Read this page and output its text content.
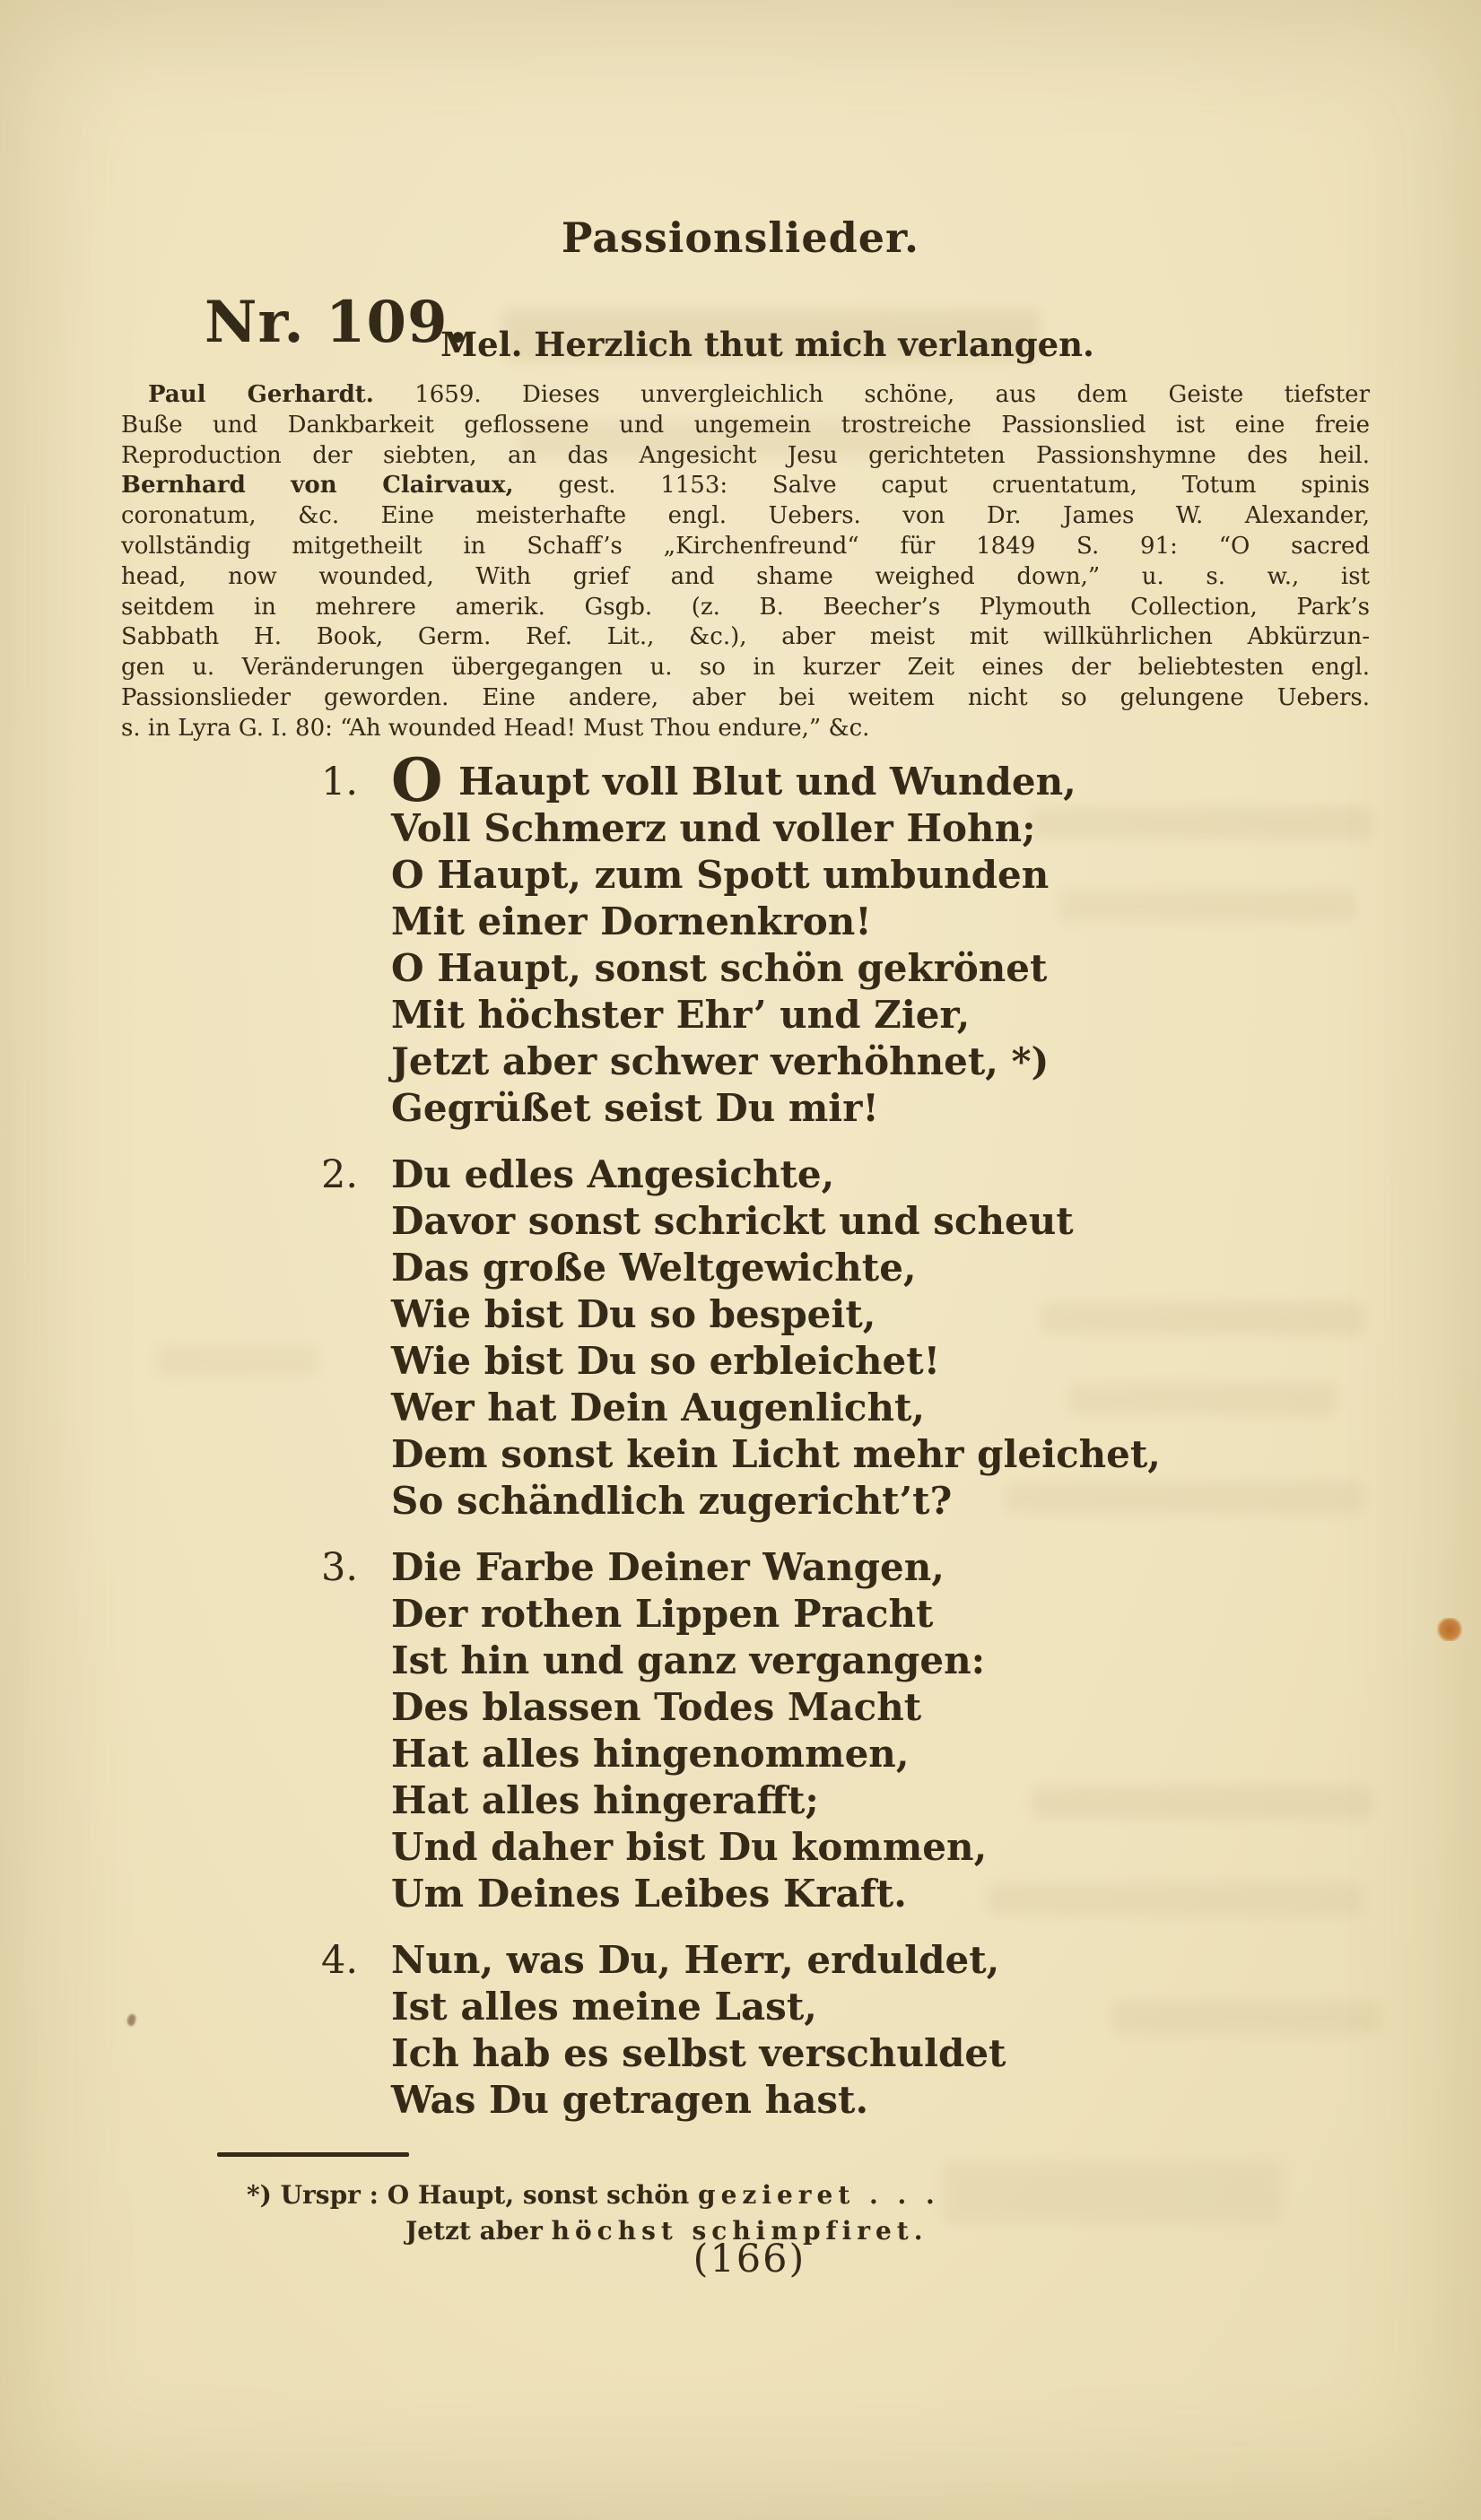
Passionslieder.
Nr. 109.
Mel. Herzlich thut mich verlangen.
Paul Gerhardt. 1659. Dieses unvergleichlich schöne, aus dem Geiste tiefster
Buße und Dankbarkeit geflossene und ungemein trostreiche Passionslied ist eine freie
Reproduction der siebten, an das Angesicht Jesu gerichteten Passionshymne des heil.
Bernhard von Clairvaux, gest. 1153: Salve caput cruentatum, Totum spinis
coronatum, &c. Eine meisterhafte engl. Uebers. von Dr. James W. Alexander,
vollständig mitgetheilt in Schaff’s „Kirchenfreund“ für 1849 S. 91: “O sacred
head, now wounded, With grief and shame weighed down,” u. s. w., ist
seitdem in mehrere amerik. Gsgb. (z. B. Beecher’s Plymouth Collection, Park’s
Sabbath H. Book, Germ. Ref. Lit., &c.), aber meist mit willkührlichen Abkürzun-
gen u. Veränderungen übergegangen u. so in kurzer Zeit eines der beliebtesten engl.
Passionslieder geworden. Eine andere, aber bei weitem nicht so gelungene Uebers.
s. in Lyra G. I. 80: “Ah wounded Head! Must Thou endure,” &c.
1. O Haupt voll Blut und Wunden,
Voll Schmerz und voller Hohn;
O Haupt, zum Spott umbunden
Mit einer Dornenkron!
O Haupt, sonst schön gekrönet
Mit höchster Ehr’ und Zier,
Jetzt aber schwer verhöhnet, *)
Gegrüßet seist Du mir!
2. Du edles Angesichte,
Davor sonst schrickt und scheut
Das große Weltgewichte,
Wie bist Du so bespeit,
Wie bist Du so erbleichet!
Wer hat Dein Augenlicht,
Dem sonst kein Licht mehr gleichet,
So schändlich zugericht’t?
3. Die Farbe Deiner Wangen,
Der rothen Lippen Pracht
Ist hin und ganz vergangen:
Des blassen Todes Macht
Hat alles hingenommen,
Hat alles hingerafft;
Und daher bist Du kommen,
Um Deines Leibes Kraft.
4. Nun, was Du, Herr, erduldet,
Ist alles meine Last,
Ich hab es selbst verschuldet
Was Du getragen hast.
*) Urspr : O Haupt, sonst schön gezieret . . .
Jetzt aber höchst schimpfiret.
(166)
